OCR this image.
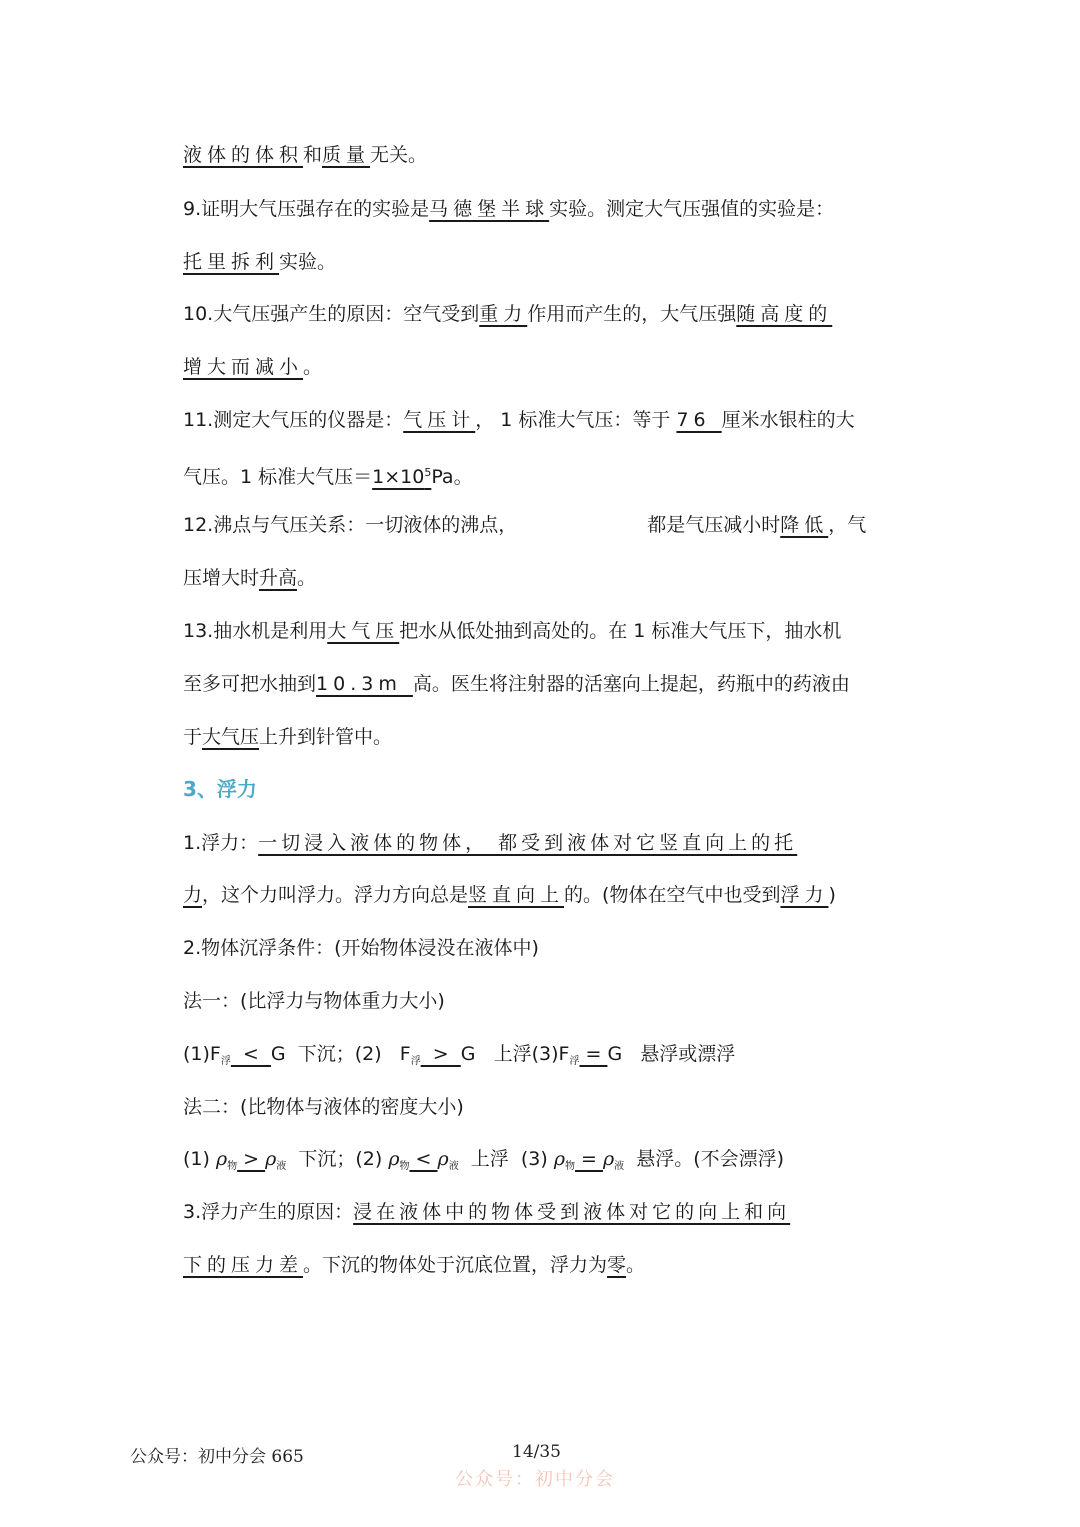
液体的体积和质量无关。
9.证明大气压强存在的实验是马德堡半球实验。测定大气压强值的实验是：
托里拆利实验。
10.大气压强产生的原因：空气受到重力作用而产生的，大气压强随高度的
增大而减小。
11.测定大气压的仪器是：气压计， 1 标准大气压：等于 76 厘米水银柱的大
气压。1 标准大气压$=1\times 10^5Pa$。
12.沸点与气压关系：一切液体的沸点，	都是气压减小时降低，气
压增大时升高。
13.抽水机是利用大气压把水从低处抽到高处的。在 1 标准大气压下，抽水机
至多可把水抽到10.3m 高。医生将注射器的活塞向上提起，药瓶中的药液由
于大气压上升到针管中。
3、浮力
1.浮力：一切浸入液体的物体， 都受到液体对它竖直向上的托
力，这个力叫浮力。浮力方向总是竖直向上的。(物体在空气中也受到浮力)
2.物体沉浮条件：(开始物体浸没在液体中)
法一：(比浮力与物体重力大小)
$(1)F_浮 < G$  下沉；(2)   $F_浮 > G$   上浮$(3)F_浮 = G$   悬浮或漂浮
法二：(比物体与液体的密度大小)
(1) $\rho_物 > \rho_液$  下沉；(2) $\rho_物 < \rho_液$  上浮  (3) $\rho_物 = \rho_液$  悬浮。(不会漂浮)
3.浮力产生的原因：浸在液体中的物体受到液体对它的向上和向
下的压力差。下沉的物体处于沉底位置，浮力为零。
公众号：初中分会 665	14/35
公众号：初中分会
